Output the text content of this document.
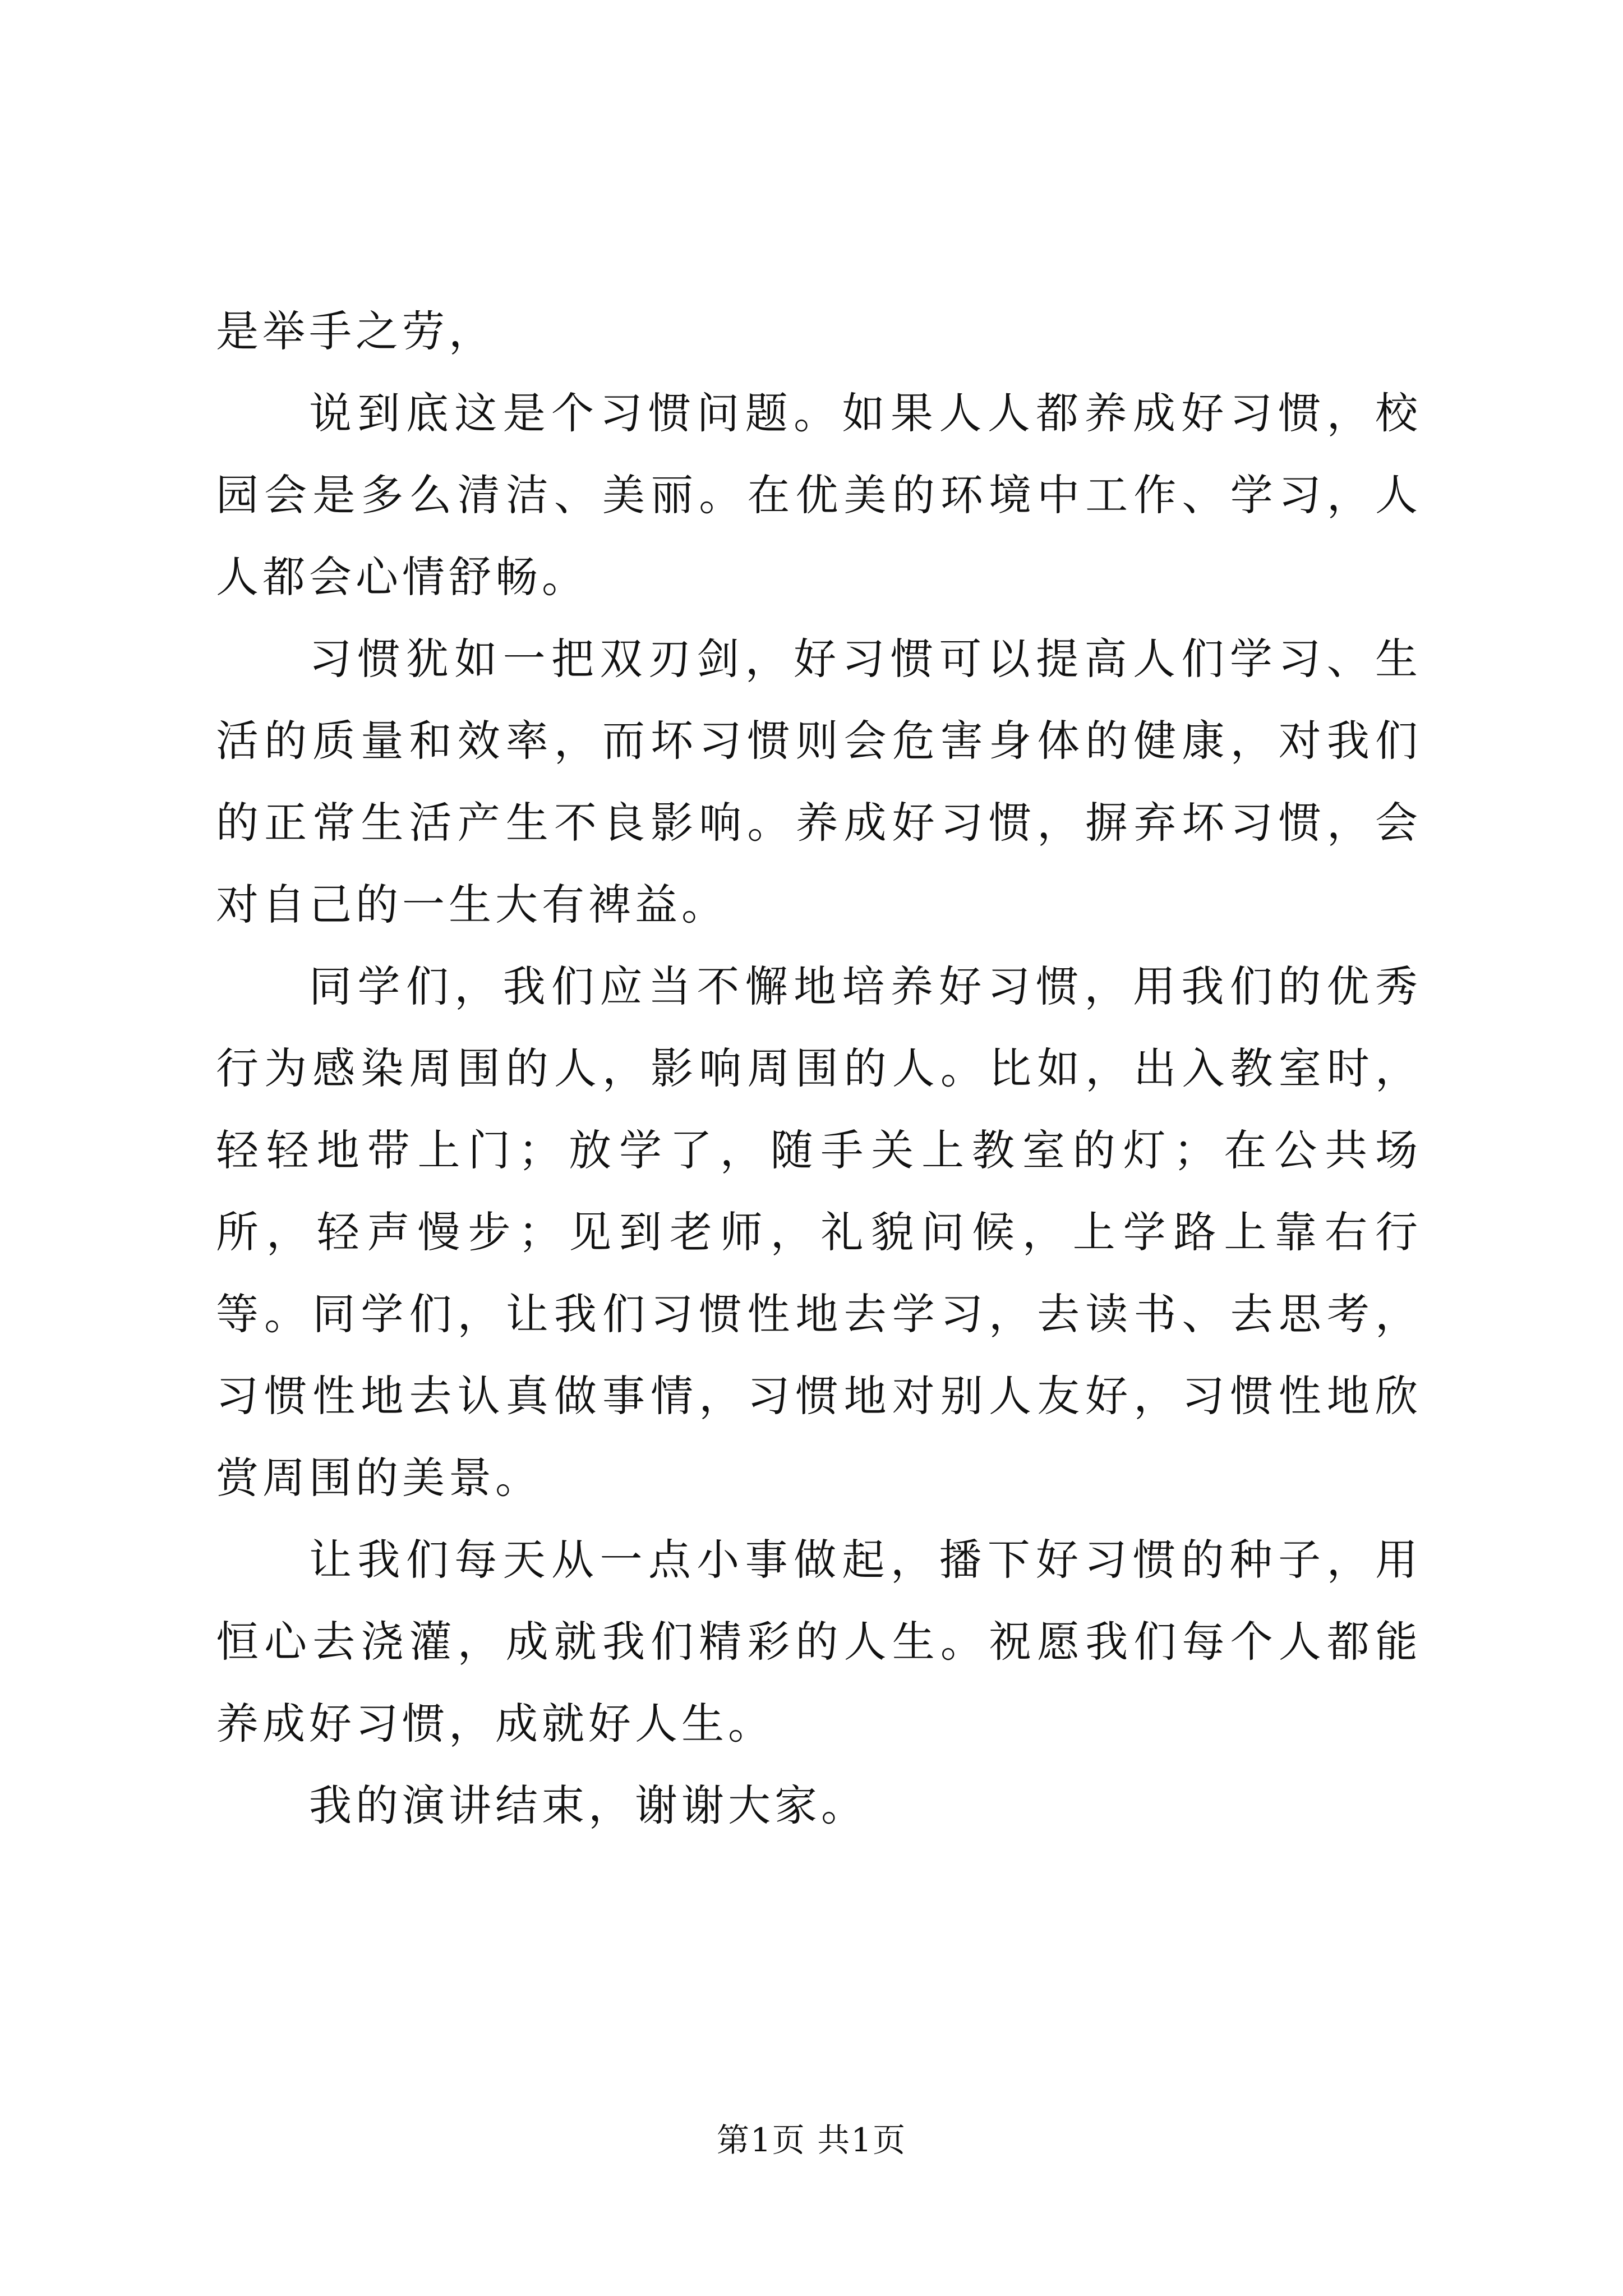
是举手之劳，

说到底这是个习惯问题。如果人人都养成好习惯，校园会是多么清洁、美丽。在优美的环境中工作、学习，人人都会心情舒畅。

习惯犹如一把双刃剑，好习惯可以提高人们学习、生活的质量和效率，而坏习惯则会危害身体的健康，对我们的正常生活产生不良影响。养成好习惯，摒弃坏习惯，会对自己的一生大有裨益。

同学们，我们应当不懈地培养好习惯，用我们的优秀行为感染周围的人，影响周围的人。比如，出入教室时，轻轻地带上门；放学了，随手关上教室的灯；在公共场所，轻声慢步；见到老师，礼貌问候，上学路上靠右行等。同学们，让我们习惯性地去学习，去读书、去思考，习惯性地去认真做事情，习惯地对别人友好，习惯性地欣赏周围的美景。

让我们每天从一点小事做起，播下好习惯的种子，用恒心去浇灌，成就我们精彩的人生。祝愿我们每个人都能养成好习惯，成就好人生。

我的演讲结束，谢谢大家。

第1页 共1页
